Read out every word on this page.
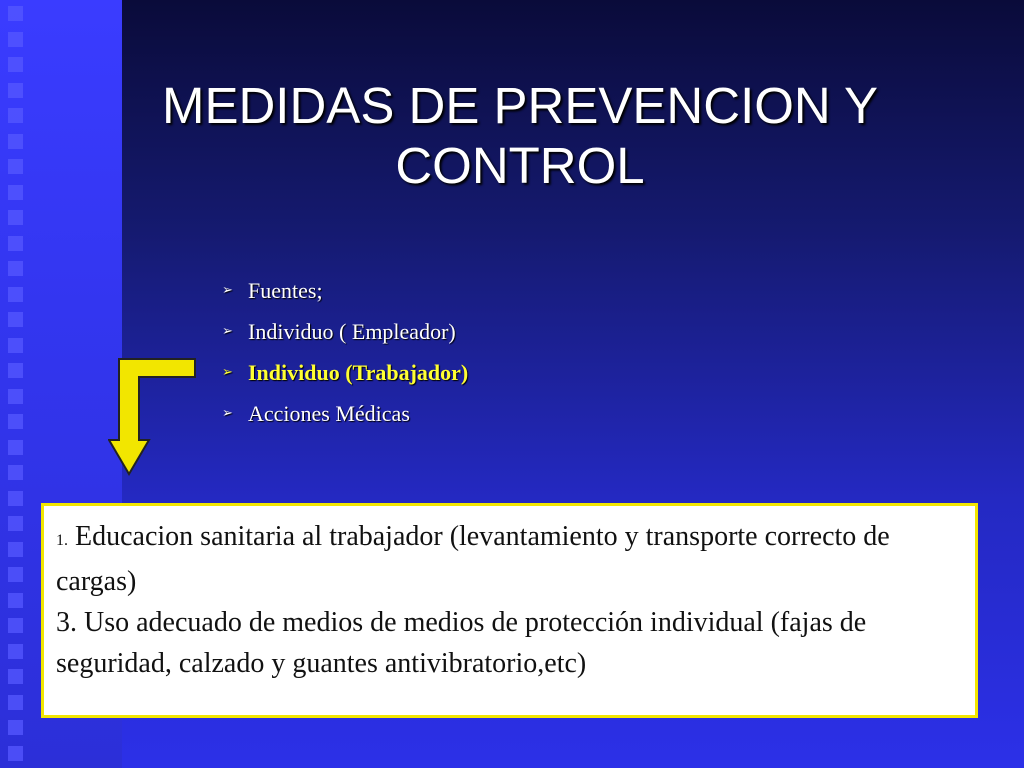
MEDIDAS DE PREVENCION Y CONTROL
➢ Fuentes;
➢ Individuo ( Empleador)
➢ Individuo (Trabajador)
➢ Acciones Médicas
1. Educacion sanitaria al trabajador (levantamiento y transporte correcto de cargas)
3. Uso adecuado de medios de medios de protección individual (fajas de seguridad, calzado y guantes antivibratorio,etc)
